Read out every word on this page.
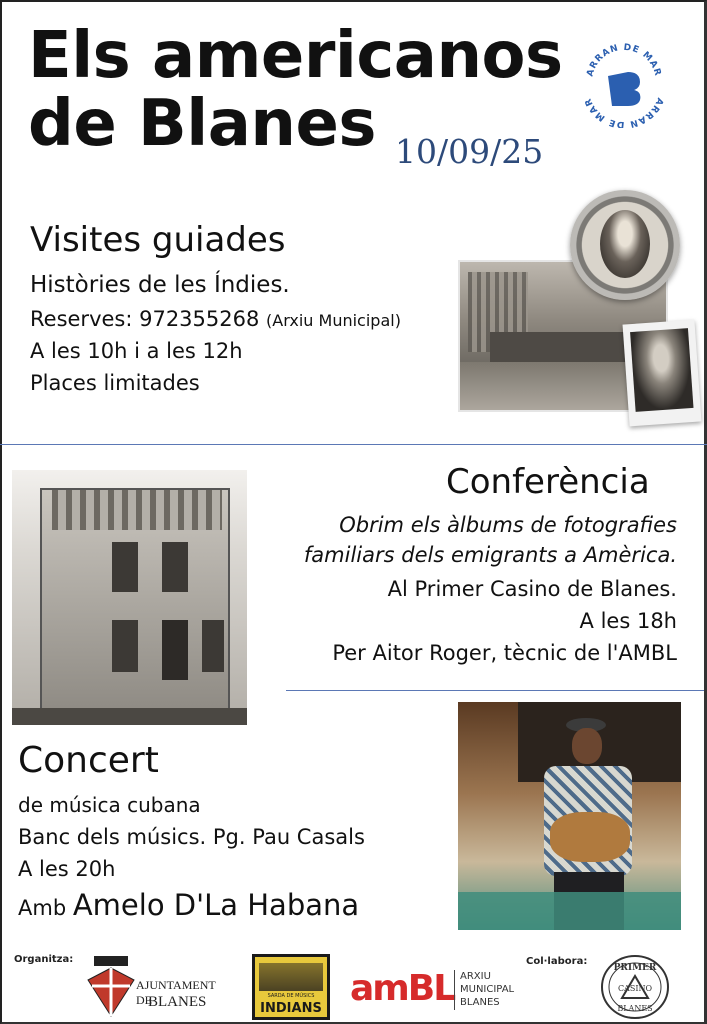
Els americanos
de Blanes 10/09/25
ARRAN DE MAR
ARRAN DE MAR
Visites guiades
Històries de les Índies.
Reserves: 972355268 (Arxiu Municipal)
A les 10h i a les 12h
Places limitades
Conferència
Obrim els àlbums de fotografies
familiars dels emigrants a Amèrica.
Al Primer Casino de Blanes.
A les 18h
Per Aitor Roger, tècnic de l'AMBL
Concert
de música cubana
Banc dels músics. Pg. Pau Casals
A les 20h
Amb Amelo D'La Habana
Organitza:	Col·labora:
AJUNTAMENT DE
BLANES	SARDA DE MÚSICS
INDIANS amBL ARXIU
MUNICIPAL
BLANES
PRIMER
CASINO
BLANES
